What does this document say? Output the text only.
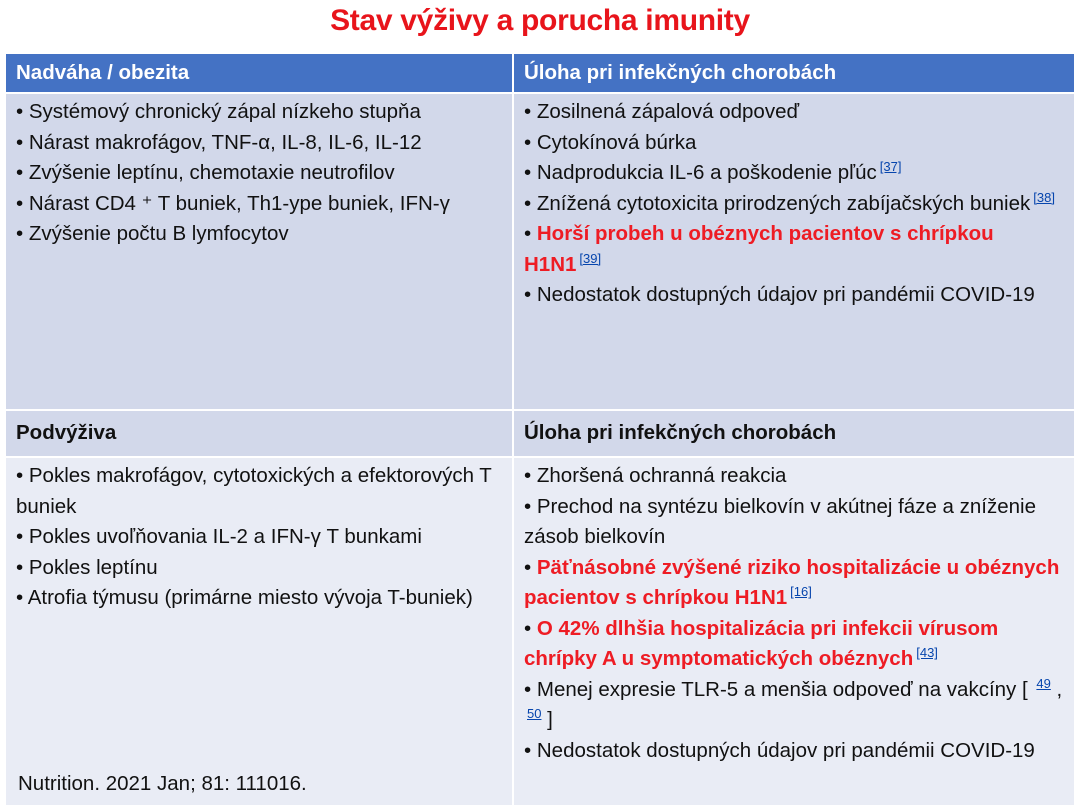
Stav výživy a porucha imunity
Nadváha / obezita	Úloha pri infekčných chorobách
• Systémový chronický zápal nízkeho stupňa
• Nárast makrofágov, TNF-α, IL-8, IL-6, IL-12
• Zvýšenie leptínu, chemotaxie neutrofilov
• Nárast CD4 ⁺ T buniek, Th1-ype buniek, IFN-γ
• Zvýšenie počtu B lymfocytov
• Zosilnená zápalová odpoveď
• Cytokínová búrka
• Nadprodukcia IL-6 a poškodenie pľúc [37]
• Znížená cytotoxicita prirodzených zabíjačských buniek [38]
• Horší probeh u obéznych pacientov s chrípkou H1N1 [39]
• Nedostatok dostupných údajov pri pandémii COVID-19
Podvýživa	Úloha pri infekčných chorobách
• Pokles makrofágov, cytotoxických a efektorových T buniek
• Pokles uvoľňovania IL-2 a IFN-γ T bunkami
• Pokles leptínu
• Atrofia týmusu (primárne miesto vývoja T-buniek)
Nutrition. 2021 Jan; 81: 111016.
• Zhoršená ochranná reakcia
• Prechod na syntézu bielkovín v akútnej fáze a zníženie zásob bielkovín
• Päťnásobné zvýšené riziko hospitalizácie u obéznych pacientov s chrípkou H1N1 [16]
• O 42% dlhšia hospitalizácia pri infekcii vírusom chrípky A u symptomatických obéznych [43]
• Menej expresie TLR-5 a menšia odpoveď na vakcíny [ $^{49}$ , $^{50}$ ]
• Nedostatok dostupných údajov pri pandémii COVID-19
